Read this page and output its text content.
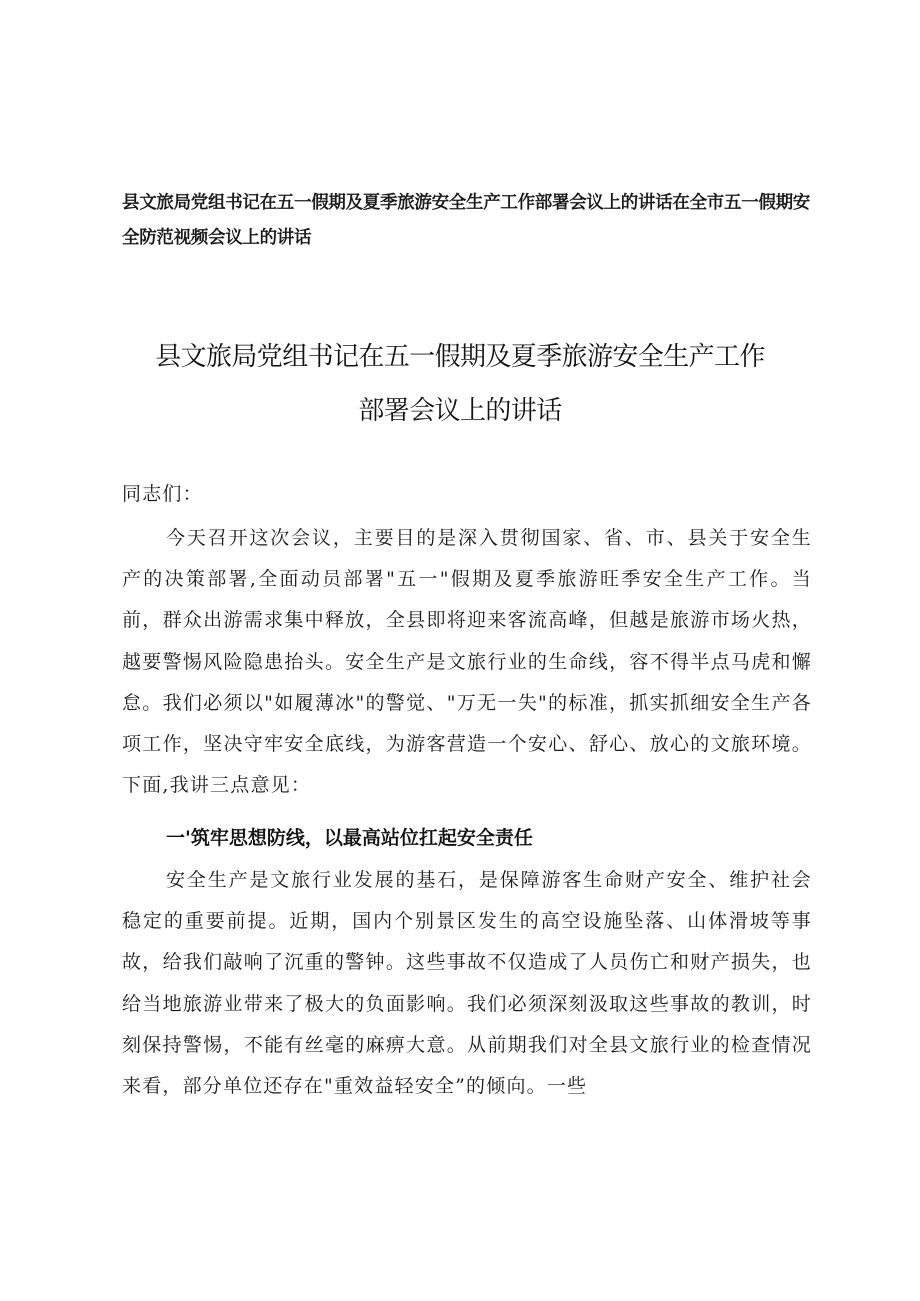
县文旅局党组书记在五一假期及夏季旅游安全生产工作部署会议上的讲话在全市五一假期安全防范视频会议上的讲话
县文旅局党组书记在五一假期及夏季旅游安全生产工作
部署会议上的讲话

同志们：

今天召开这次会议，主要目的是深入贯彻国家、省、市、县关于安全生产的决策部署,全面动员部署"五一"假期及夏季旅游旺季安全生产工作。当前，群众出游需求集中释放，全县即将迎来客流高峰，但越是旅游市场火热，越要警惕风险隐患抬头。安全生产是文旅行业的生命线，容不得半点马虎和懈怠。我们必须以"如履薄冰"的警觉、"万无一失"的标准，抓实抓细安全生产各项工作，坚决守牢安全底线，为游客营造一个安心、舒心、放心的文旅环境。下面,我讲三点意见：

一'筑牢思想防线，以最高站位扛起安全责任

安全生产是文旅行业发展的基石，是保障游客生命财产安全、维护社会稳定的重要前提。近期，国内个别景区发生的高空设施坠落、山体滑坡等事故，给我们敲响了沉重的警钟。这些事故不仅造成了人员伤亡和财产损失，也给当地旅游业带来了极大的负面影响。我们必须深刻汲取这些事故的教训，时刻保持警惕，不能有丝毫的麻痹大意。从前期我们对全县文旅行业的检查情况来看，部分单位还存在"重效益轻安全”的倾向。一些
